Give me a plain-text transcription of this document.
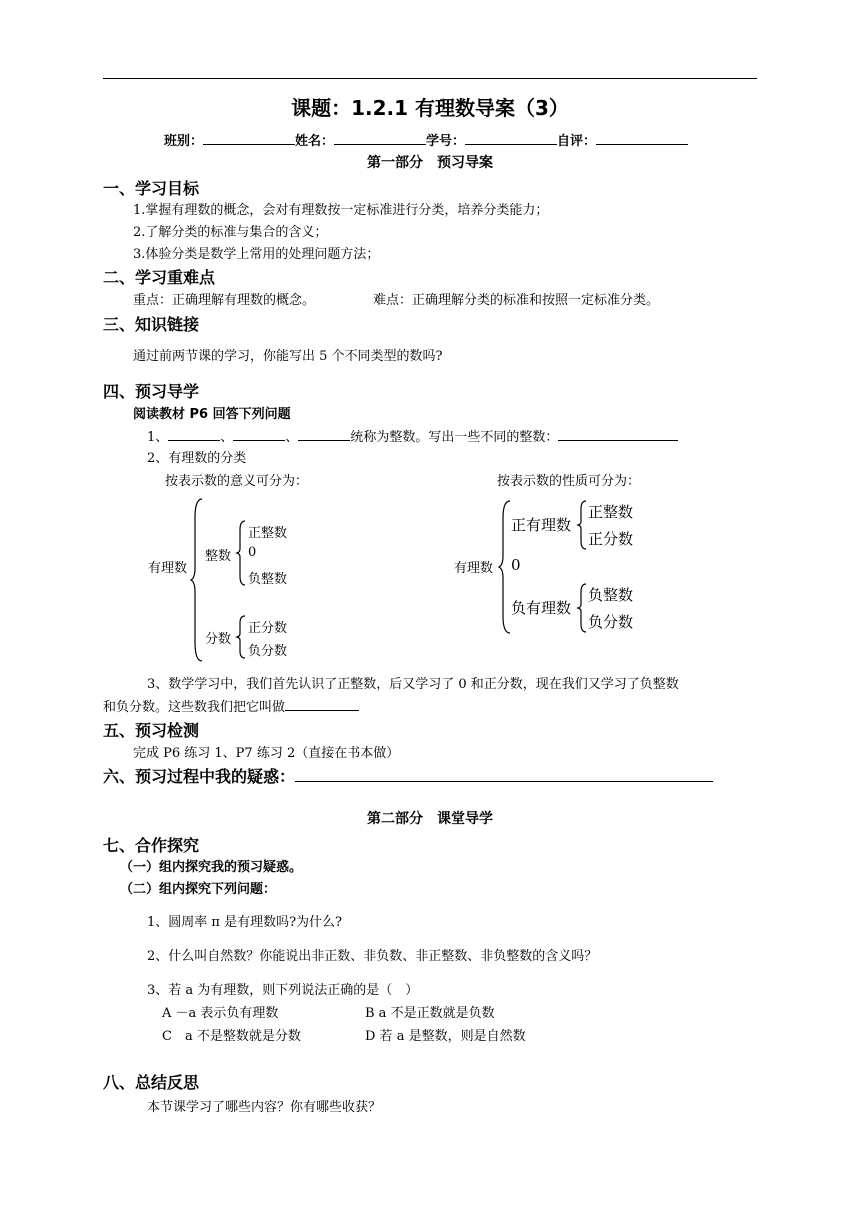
课题：1.2.1 有理数导案（3）
班别：	姓名：	学号：	自评：
第一部分　预习导案
一、学习目标
1.掌握有理数的概念，会对有理数按一定标准进行分类，培养分类能力；
2.了解分类的标准与集合的含义；
3.体验分类是数学上常用的处理问题方法；
二、学习重难点
重点：正确理解有理数的概念。	难点：正确理解分类的标准和按照一定标准分类。
三、知识链接
通过前两节课的学习，你能写出 5 个不同类型的数吗?
四、预习导学
阅读教材 P6 回答下列问题
1、	、	、	统称为整数。写出一些不同的整数：
2、有理数的分类
按表示数的意义可分为：	按表示数的性质可分为：
有理数
整数
正整数
0
负整数
分数
正分数
负分数
有理数
正有理数
正整数
正分数
0
负有理数
负整数
负分数
3、数学学习中，我们首先认识了正整数，后又学习了 0 和正分数，现在我们又学习了负整数
和负分数。这些数我们把它叫做
五、预习检测
完成 P6 练习 1、P7 练习 2（直接在书本做）
六、预习过程中我的疑惑：
第二部分　课堂导学
七、合作探究
（一）组内探究我的预习疑惑。
（二）组内探究下列问题：
1、圆周率 π 是有理数吗?为什么?
2、什么叫自然数？你能说出非正数、非负数、非正整数、非负整数的含义吗？
3、若 a 为有理数，则下列说法正确的是（　）
A －a 表示负有理数	B a 不是正数就是负数
C　a 不是整数就是分数	D 若 a 是整数，则是自然数
八、总结反思
本节课学习了哪些内容？你有哪些收获？
